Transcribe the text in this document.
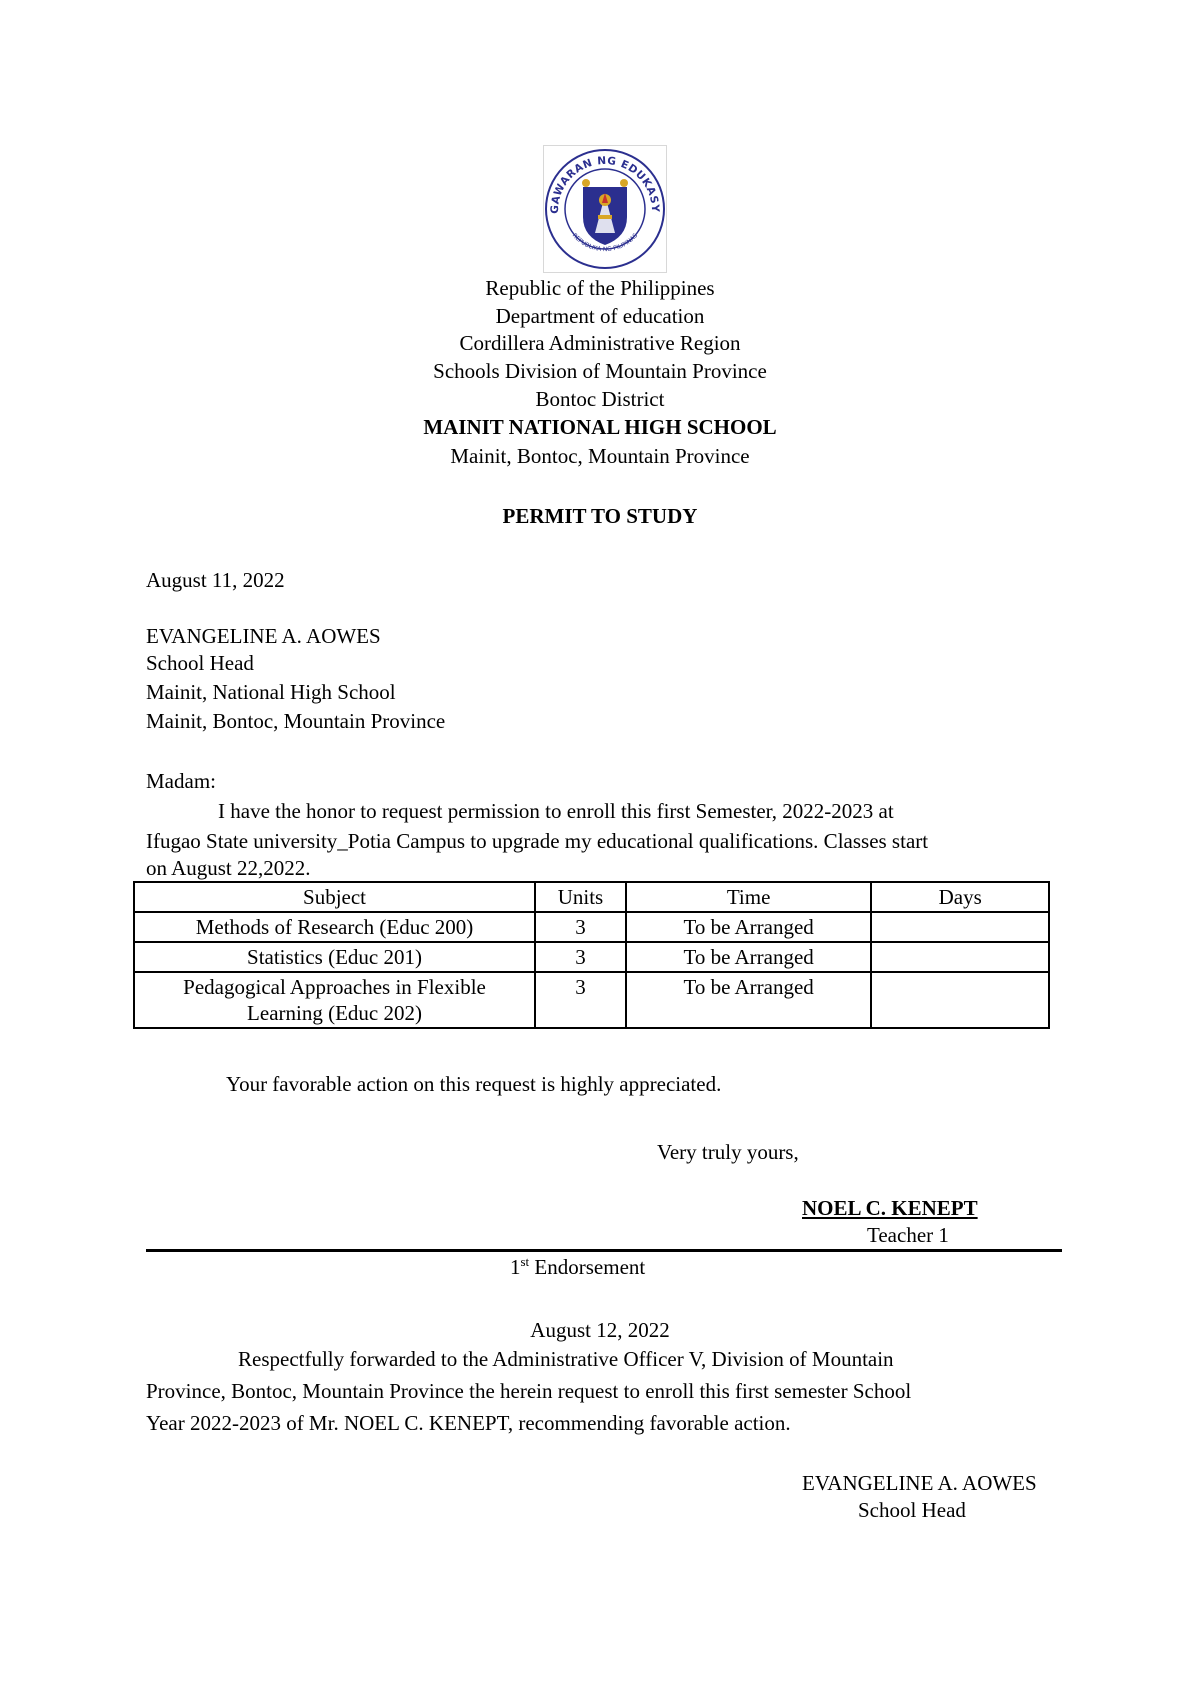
GAWARAN NG EDUKASY
REPUBLIKA NG PILIPINAS
Republic of the Philippines
Department of education
Cordillera Administrative Region
Schools Division of Mountain Province
Bontoc District
MAINIT NATIONAL HIGH SCHOOL
Mainit, Bontoc, Mountain Province
PERMIT TO STUDY
August 11, 2022
EVANGELINE A. AOWES
School Head
Mainit, National High School
Mainit, Bontoc, Mountain Province
Madam:
I have the honor to request permission to enroll this first Semester, 2022-2023 at
Ifugao State university_Potia Campus to upgrade my educational qualifications. Classes start
on August 22,2022.
Subject	Units	Time	Days
Methods of Research (Educ 200)	3	To be Arranged	
Statistics (Educ 201)	3	To be Arranged	

Pedagogical Approaches in Flexible
Learning (Educ 202)	3	To be Arranged	
Your favorable action on this request is highly appreciated.
Very truly yours,
NOEL C. KENEPT
Teacher 1
1st Endorsement
August 12, 2022
Respectfully forwarded to the Administrative Officer V, Division of Mountain
Province, Bontoc, Mountain Province the herein request to enroll this first semester School
Year 2022-2023 of Mr. NOEL C. KENEPT, recommending favorable action.
EVANGELINE A. AOWES
School Head
